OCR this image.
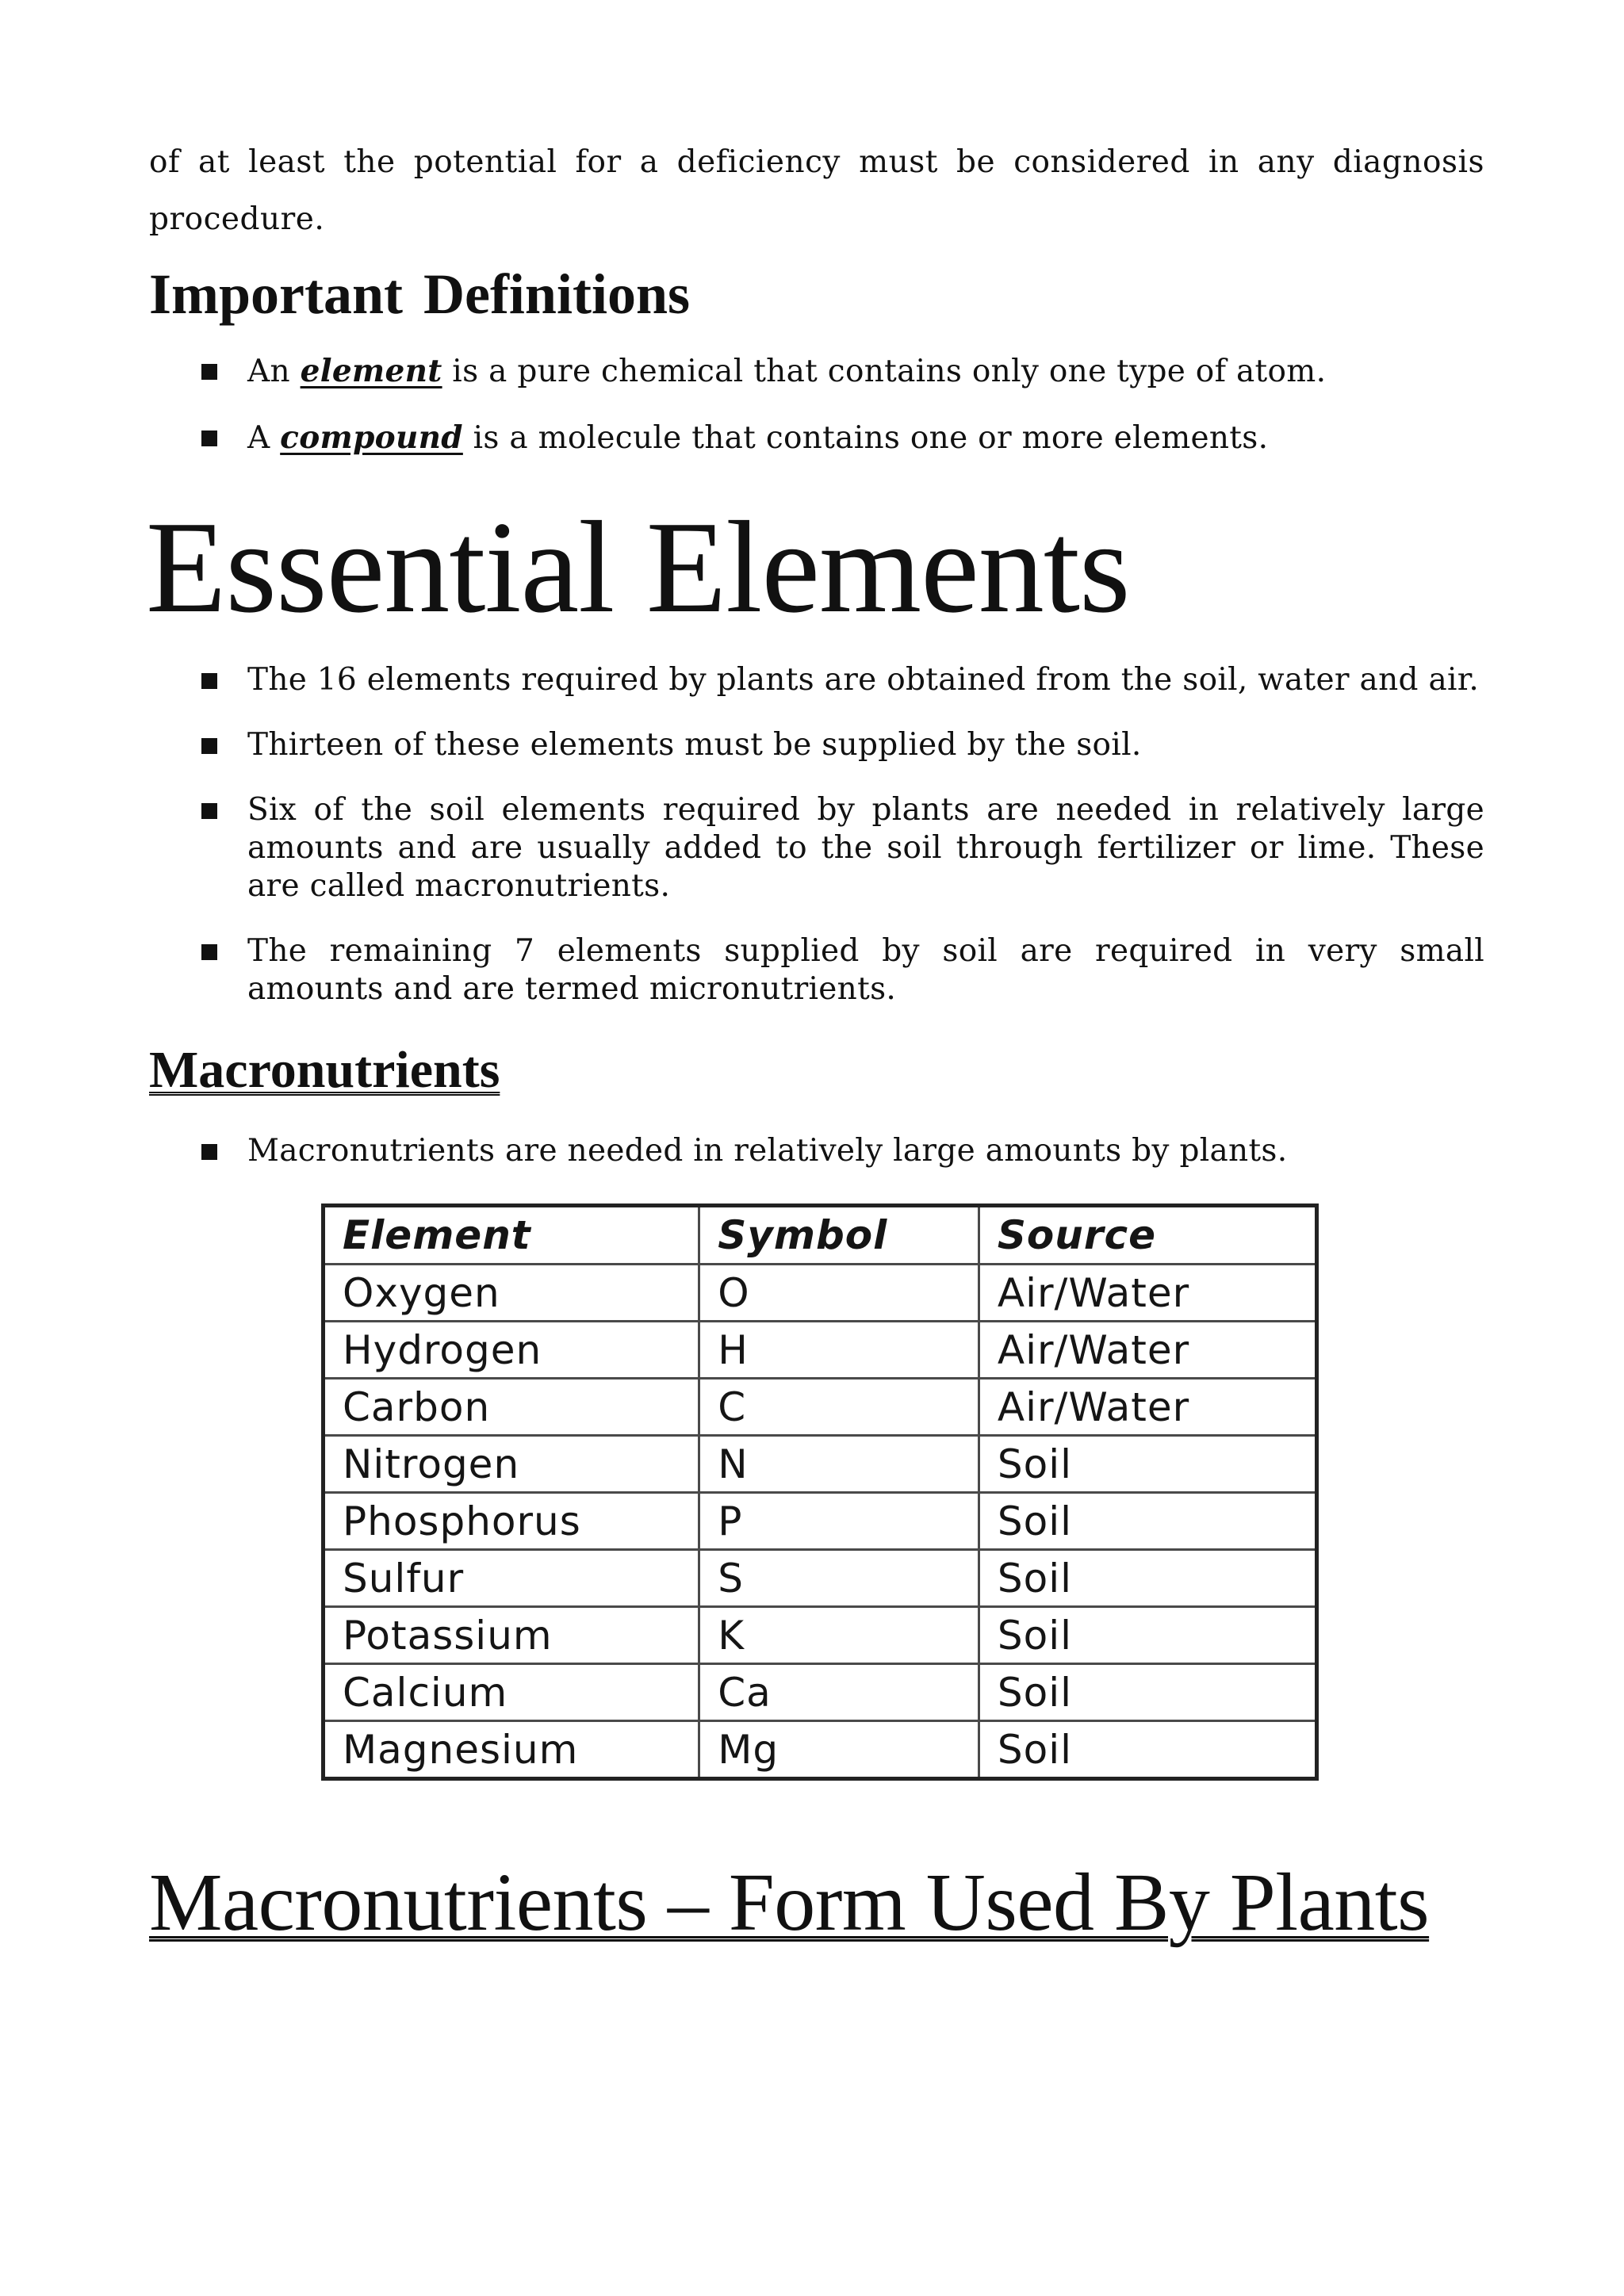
of at least the potential for a deficiency must be considered in any diagnosis procedure.

Important Definitions
An element is a pure chemical that contains only one type of atom.
A compound is a molecule that contains one or more elements.
Essential Elements
The 16 elements required by plants are obtained from the soil, water and air.
Thirteen of these elements must be supplied by the soil.
Six of the soil elements required by plants are needed in relatively large amounts and are usually added to the soil through fertilizer or lime. These are called macronutrients.
The remaining 7 elements supplied by soil are required in very small amounts and are termed micronutrients.
Macronutrients
Macronutrients are needed in relatively large amounts by plants.
Macronutrients – Form Used By Plants
Element	Symbol	Source
Oxygen	O	Air/Water
Hydrogen	H	Air/Water
Carbon	C	Air/Water
Nitrogen	N	Soil
Phosphorus	P	Soil
Sulfur	S	Soil
Potassium	K	Soil
Calcium	Ca	Soil
Magnesium	Mg	Soil
